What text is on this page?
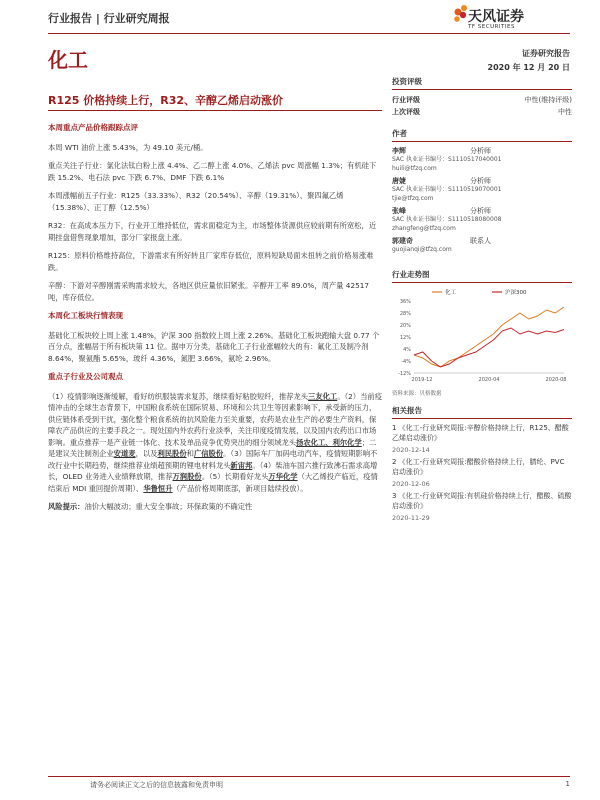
行业报告 | 行业研究周报	天风证券
TF SECURITIES
化工	证券研究报告
2020 年 12 月 20 日
R125 价格持续上行，R32、辛醇乙烯启动涨价
本周重点产品价格跟踪点评

本周 WTI 油价上涨 5.43%，为 49.10 美元/桶。

重点关注子行业：氯化法钛白粉上涨 4.4%、乙二醇上涨 4.0%、乙烯法 pvc 周涨幅 1.3%；有机硅下跌 15.2%、电石法 pvc 下跌 6.7%、DMF 下跌 6.1%

本周涨幅前五子行业：R125（33.33%）、R32（20.54%）、辛醇（19.31%）、聚四氟乙烯（15.38%）、正丁醇（12.5%）

R32：在高成本压力下，行业开工维持低位，需求面稳定为主，市场整体货源供应较前期有所宽松，近期挂盘借售现象增加，部分厂家报盘上涨。

R125：原料价格维持高位，下游需求有所好转且厂家库存低位，原料短缺局面未扭转之前价格易涨难跌。

辛醇：下游对辛醇刚需采购需求较大，各地区供应量依旧紧张。辛醇开工率 89.0%，周产量 42517 吨，库存低位。

本周化工板块行情表现

基础化工板块较上周上涨 1.48%，沪深 300 指数较上周上涨 2.26%。基础化工板块跑输大盘 0.77 个百分点，涨幅居于所有板块第 11 位。据申万分类，基础化工子行业涨幅较大的有：氟化工及制冷剂 8.64%，聚氨酯 5.65%，玻纤 4.36%，氮肥 3.66%，氨纶 2.96%。

重点子行业及公司观点

（1）疫情影响逐渐缓解，看好纺织服装需求复苏，继续看好粘胶短纤，推荐龙头三友化工。（2）当前疫情冲击的全球生态背景下，中国粮食系统在国际贸易、环境和公共卫生等因素影响下，承受新的压力，供应链体系受到干扰，强化整个粮食系统的抗风险能力至关重要，农药是农业生产的必要生产资料，保障农产品供应的主要手段之一。现处国内外农药行业淡季，关注印度疫情发展，以及国内农药出口市场影响。重点推荐一是产业链一体化、技术及单品竞争优势突出的细分领域龙头扬农化工、利尔化学；二是建议关注制剂企业安道麦，以及利民股份和广信股份。（3）国际车厂加码电动汽车，疫情短期影响不改行业中长期趋势，继续推荐业绩超预期的锂电材料龙头新宙邦。（4）柴油车国六推行致沸石需求高增长，OLED 业务进入业绩释放期，推荐万润股份。（5）长期看好龙头万华化学（大乙烯投产临近，疫情结束后 MDI 重回提价周期）、华鲁恒升（产品价格周期底部，新项目陆续投放）。

风险提示：油价大幅波动；重大安全事故；环保政策的不确定性

投资评级
行业评级	中性(维持评级)
上次评级	中性
作者
李辉	分析师
SAC 执业证书编号：S1110517040001
huili@tfzq.com
唐婕	分析师
SAC 执业证书编号：S1110519070001
tjie@tfzq.com
张峰	分析师
SAC 执业证书编号：S1110518080008
zhangfeng@tfzq.com
郭建奇	联系人
guojianqi@tfzq.com
行业走势图
36%
28%
20%
12%
4%
-4%
-12%
2019-12	2020-04	2020-08
化工	沪深300
资料来源：贝格数据
相关报告
1 《化工-行业研究周报:辛醇价格持续上行，R125、醋酸乙烯启动涨价》
2020-12-14
2 《化工-行业研究周报:醋酸价格持续上行，腈纶、PVC 启动涨价》
2020-12-06
3 《化工-行业研究周报:有机硅价格持续上行，醋酸、硫酸启动涨价》
2020-11-29
请务必阅读正文之后的信息披露和免责申明	1
